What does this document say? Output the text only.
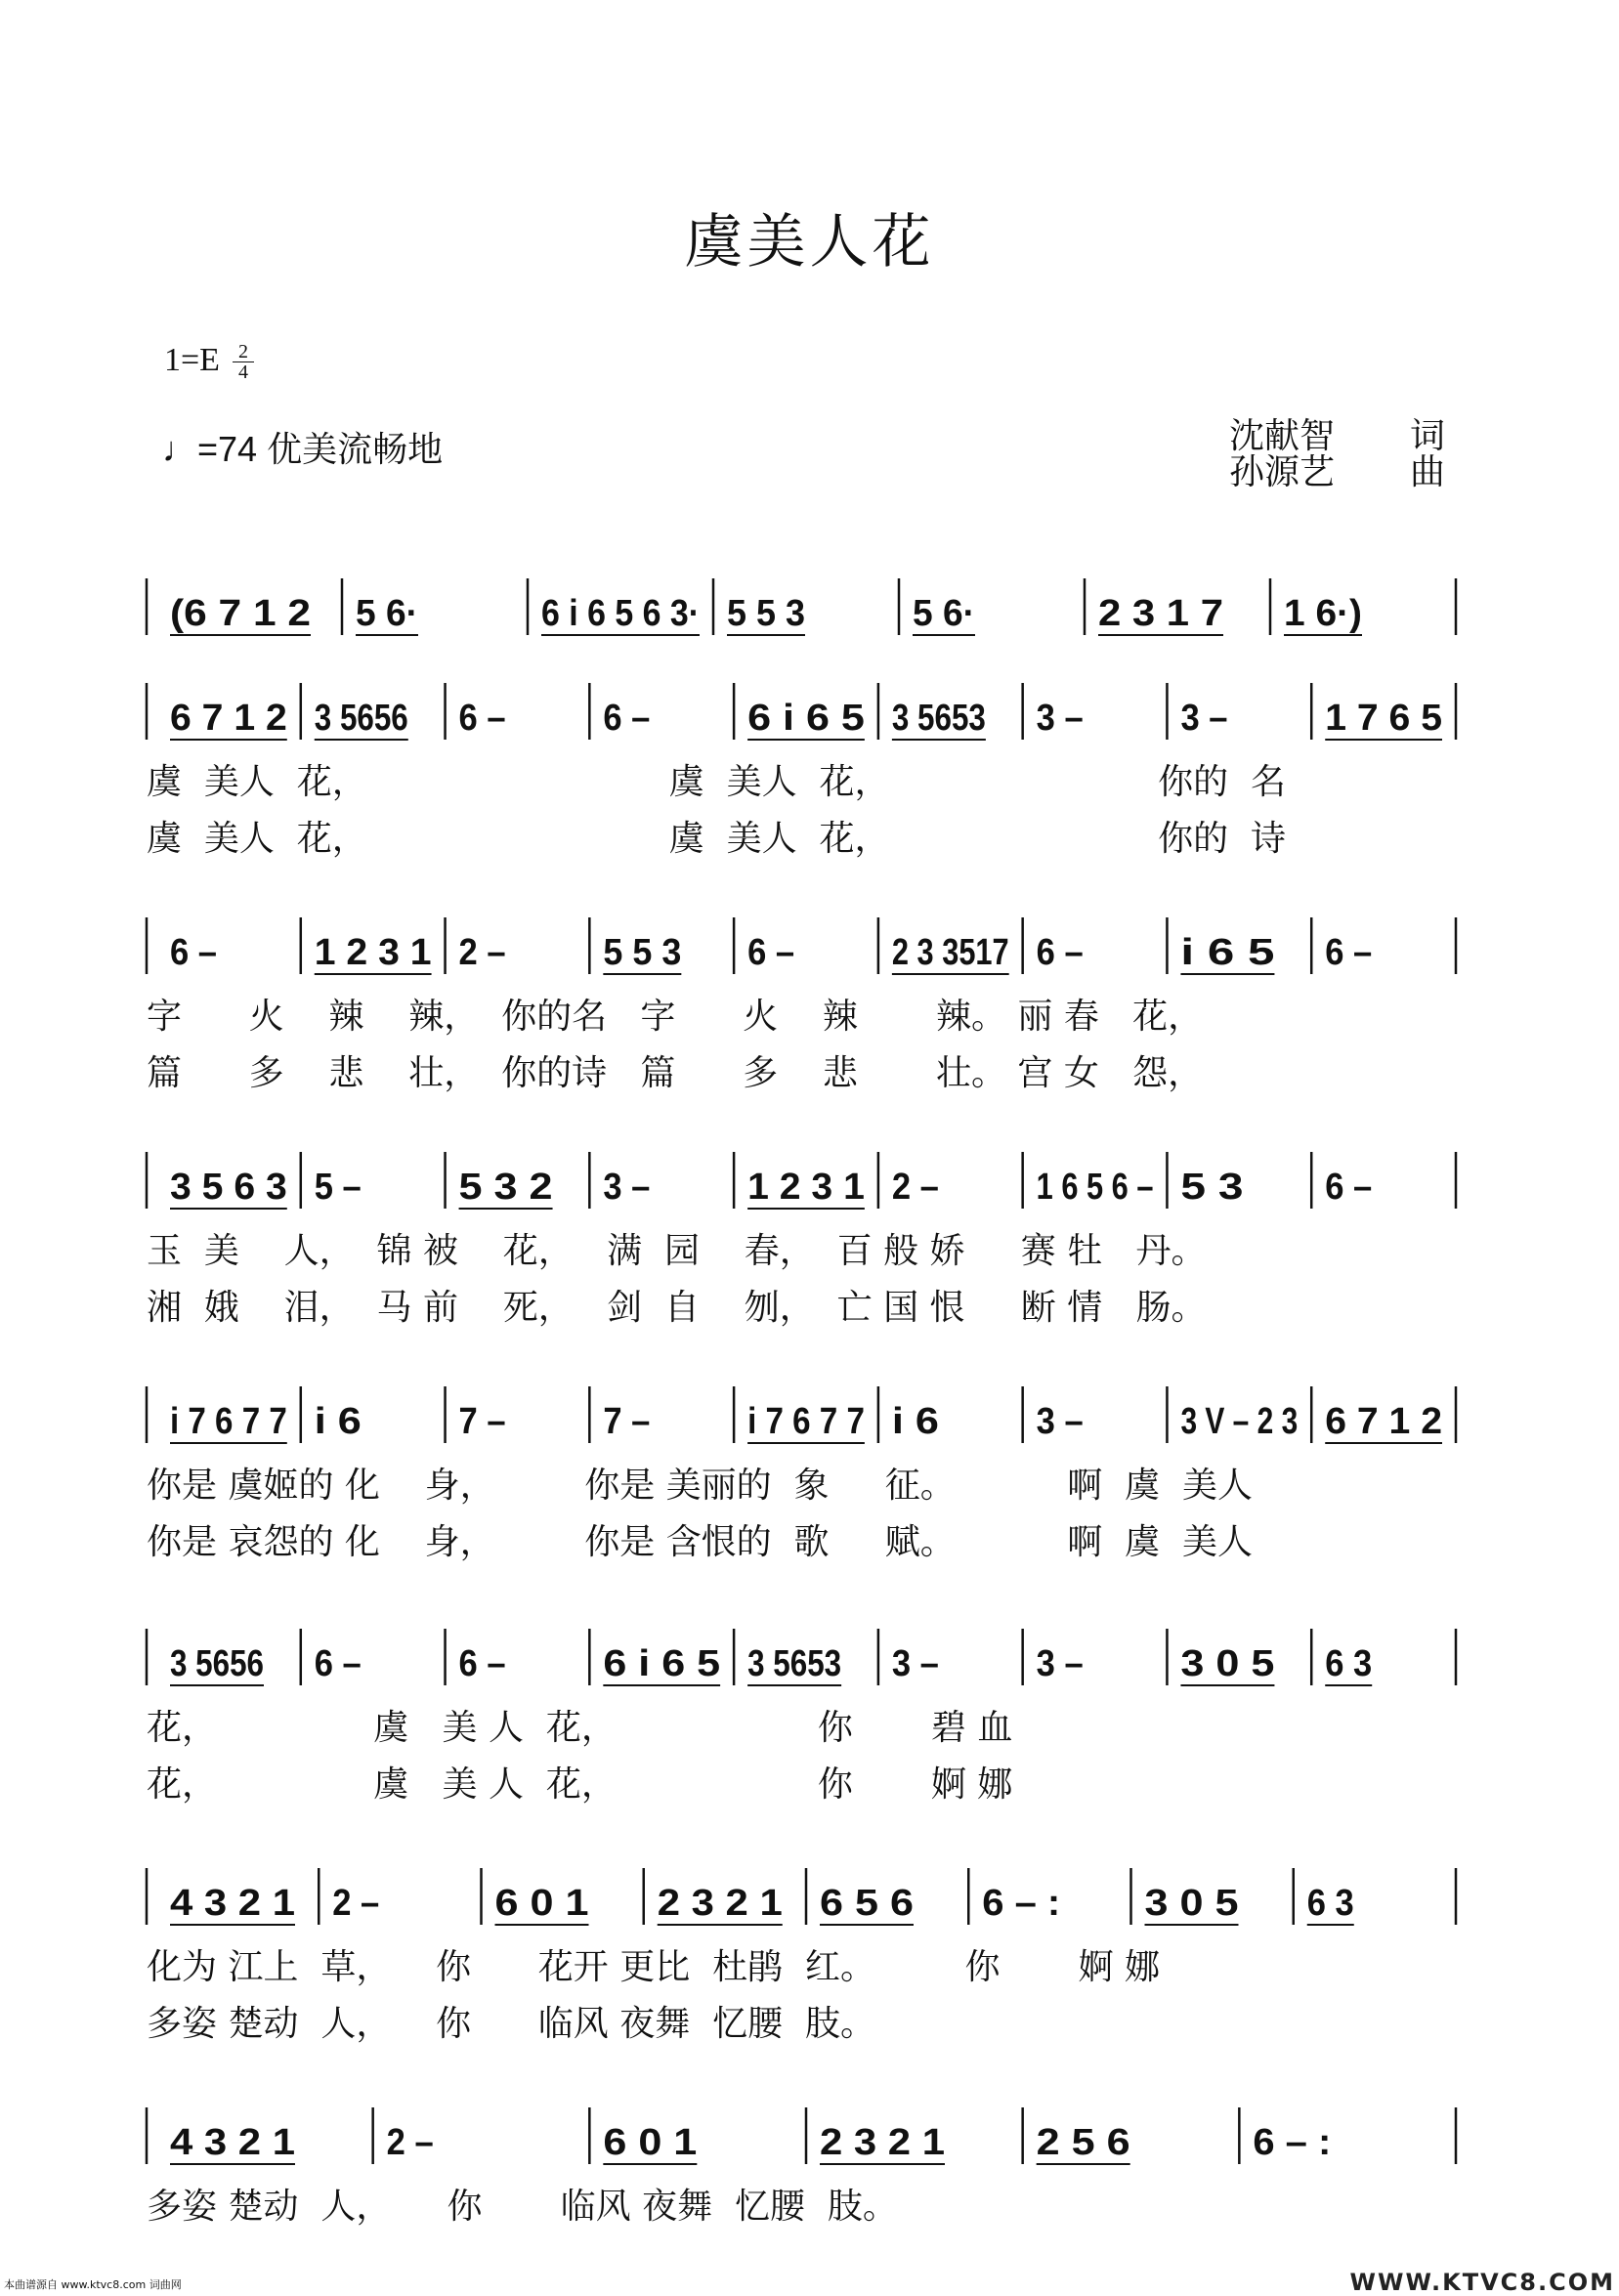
虞美人花
1=E 2
4
♩=74 优美流畅地	沈献智 词
孙源艺 曲
(6 7 1 2 5 6·	6 i 6 5 6 3· 5 5 3	5 6·	2 3 1 7 1 6·)
6 7 1 2 3 5656 6 –	6 –	6 i 6 5 3 5653 3 –	3 –	1 7 6 5
虞  美人  花，                           虞  美人  花，                        你的  名
虞  美人  花，                           虞  美人  花，                        你的  诗
6 –	1 2 3 1 2 –	5 5 3 6 –	2 3 3517 6 –	i 6 5 6 –
字      火    辣    辣，  你的名   字      火    辣       辣。 丽 春   花，
篇      多    悲    壮，  你的诗   篇      多    悲       壮。 宫 女   怨，
3 5 6 3 5 –	5 3 2 3 –	1 2 3 1 2 –	1 6 5 6 – 5 3 6 –
玉  美    人，  锦 被    花，   满  园    春，  百 般 娇     赛 牡   丹。
湘  娥    泪，  马 前    死，   剑  自    刎，  亡 国 恨     断 情   肠。
i 7 6 7 7 i 6	7 –	7 –	i 7 6 7 7 i 6	3 –	3 V – 2 3 6 7 1 2
你是 虞姬的 化    身，        你是 美丽的  象     征。          啊  虞  美人
你是 哀怨的 化    身，        你是 含恨的  歌     赋。          啊  虞  美人
3 5656 6 –	6 –	6 i 6 5 3 5653 3 –	3 –	3 0 5 6 3
花，              虞   美 人  花，                  你       碧 血
花，              虞   美 人  花，                  你       婀 娜
4 3 2 1 2 –	6 0 1 2 3 2 1 6 5 6 6 – : 3 0 5 6 3
化为 江上  草，    你      花开 更比  杜鹃  红。        你       婀 娜
多姿 楚动  人，    你      临风 夜舞  忆腰  肢。
4 3 2 1 2 –	6 0 1	2 3 2 1 2 5 6	6 – :
多姿 楚动  人，     你       临风 夜舞  忆腰  肢。
本曲谱源自 www.ktvc8.com 词曲网	WWW.KTVC8.COM
